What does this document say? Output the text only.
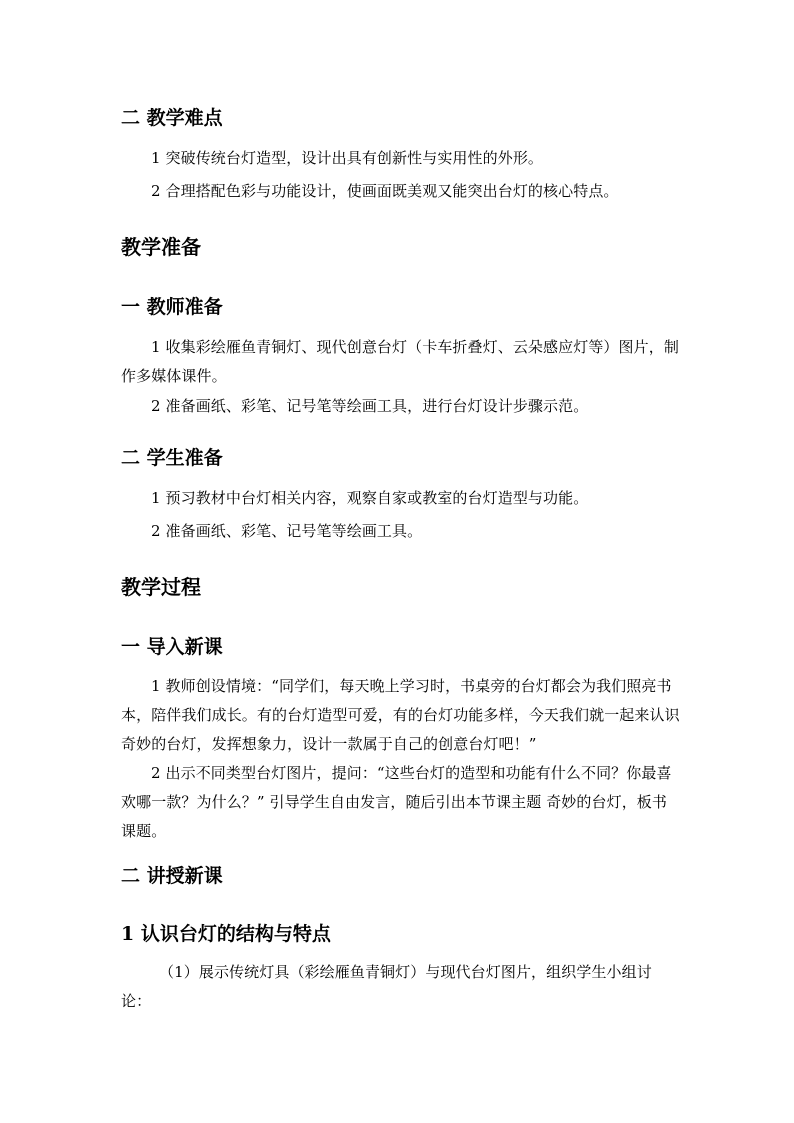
二 教学难点
1 突破传统台灯造型，设计出具有创新性与实用性的外形。
2 合理搭配色彩与功能设计，使画面既美观又能突出台灯的核心特点。
教学准备
一 教师准备
1 收集彩绘雁鱼青铜灯、现代创意台灯（卡车折叠灯、云朵感应灯等）图片，制作多媒体课件。
2 准备画纸、彩笔、记号笔等绘画工具，进行台灯设计步骤示范。
二 学生准备
1 预习教材中台灯相关内容，观察自家或教室的台灯造型与功能。
2 准备画纸、彩笔、记号笔等绘画工具。
教学过程
一 导入新课
1 教师创设情境：“同学们，每天晚上学习时，书桌旁的台灯都会为我们照亮书本，陪伴我们成长。有的台灯造型可爱，有的台灯功能多样，今天我们就一起来认识奇妙的台灯，发挥想象力，设计一款属于自己的创意台灯吧！”
2 出示不同类型台灯图片，提问：“这些台灯的造型和功能有什么不同？你最喜欢哪一款？为什么？” 引导学生自由发言，随后引出本节课主题 奇妙的台灯，板书课题。
二 讲授新课
1 认识台灯的结构与特点
（1）展示传统灯具（彩绘雁鱼青铜灯）与现代台灯图片，组织学生小组讨论：
